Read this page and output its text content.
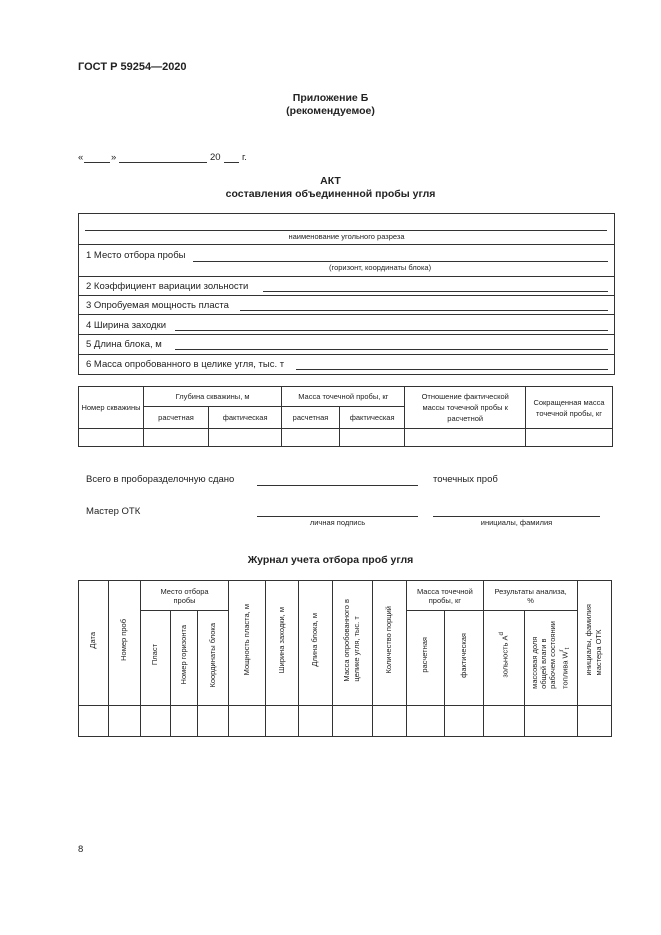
ГОСТ Р 59254—2020
Приложение Б
(рекомендуемое)
«	»	20 г.
АКТ
составления объединенной пробы угля
наименование угольного разреза
1 Место отбора пробы
(горизонт, координаты блока)
2 Коэффициент вариации зольности
3 Опробуемая мощность пласта
4 Ширина заходки
5 Длина блока, м
6 Масса опробованного в целике угля, тыс. т
Номер скважины	Глубина скважины, м		Масса точечной пробы, кг		Отношение фактической массы точечной пробы к расчетной	Сокращенная масса точечной пробы, кг
	расчетная	фактическая	расчетная	фактическая		

Всего в проборазделочную сдано	точечных проб
Мастер ОТК
личная подпись	инициалы, фамилия
Журнал учета отбора проб угля
Дата	Номер проб	Место отбора пробы			Мощность пласта, м	Ширина заходки, м	Длина блока, м	Масса опробованного в
целике угля, тыс. т	Количество порций	Масса точечной пробы, кг		Результаты анализа, %		инициалы, фамилия
мастера ОТК

		Пласт	Номер горизонта	Координаты блока						расчетная	фактическая	зольность $A^d$	массовая доля
общей влаги в
рабочем состоянии топлива $W^r_t$

8
